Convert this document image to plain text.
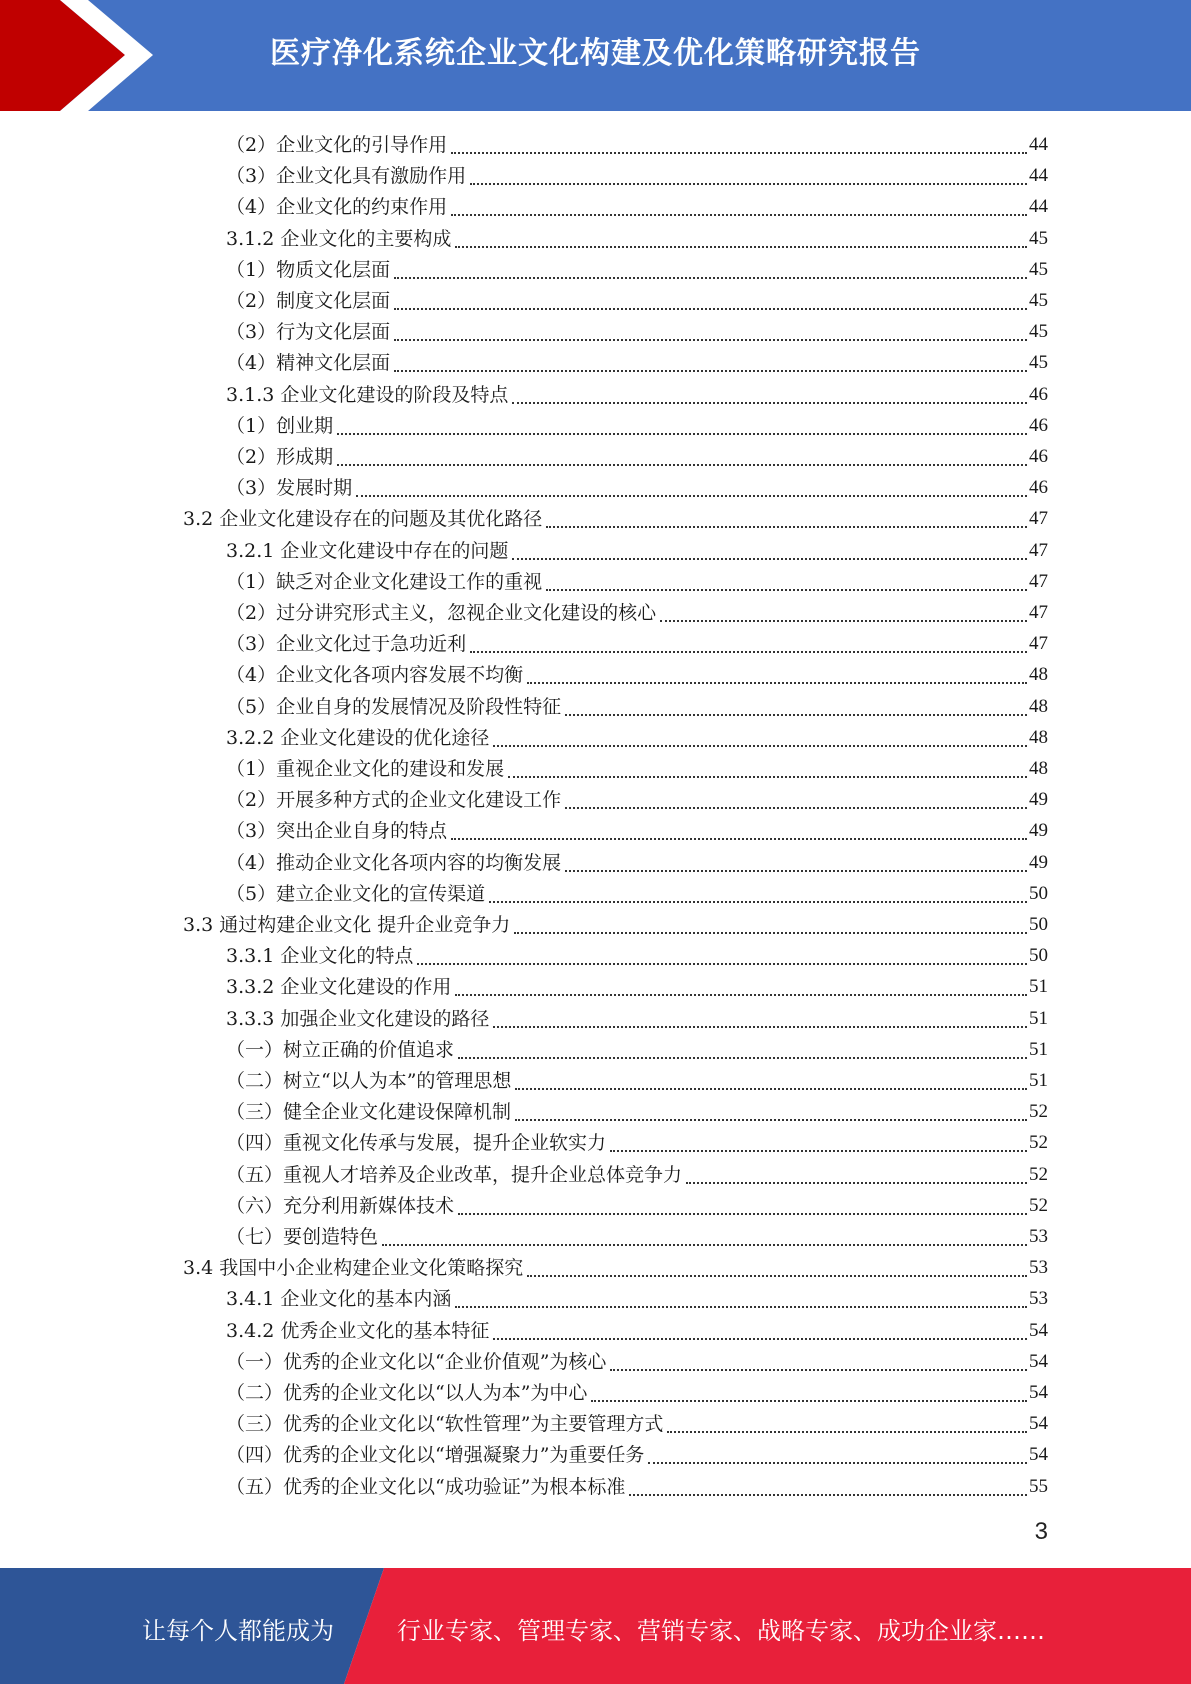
医疗净化系统企业文化构建及优化策略研究报告
（2）企业文化的引导作用	44
（3）企业文化具有激励作用	44
（4）企业文化的约束作用	44
3.1.2 企业文化的主要构成	45
（1）物质文化层面	45
（2）制度文化层面	45
（3）行为文化层面	45
（4）精神文化层面	45
3.1.3 企业文化建设的阶段及特点	46
（1）创业期	46
（2）形成期	46
（3）发展时期	46
3.2 企业文化建设存在的问题及其优化路径	47
3.2.1 企业文化建设中存在的问题	47
（1）缺乏对企业文化建设工作的重视	47
（2）过分讲究形式主义，忽视企业文化建设的核心	47
（3）企业文化过于急功近利	47
（4）企业文化各项内容发展不均衡	48
（5）企业自身的发展情况及阶段性特征	48
3.2.2 企业文化建设的优化途径	48
（1）重视企业文化的建设和发展	48
（2）开展多种方式的企业文化建设工作	49
（3）突出企业自身的特点	49
（4）推动企业文化各项内容的均衡发展	49
（5）建立企业文化的宣传渠道	50
3.3 通过构建企业文化 提升企业竞争力	50
3.3.1 企业文化的特点	50
3.3.2 企业文化建设的作用	51
3.3.3 加强企业文化建设的路径	51
（一）树立正确的价值追求	51
（二）树立“以人为本”的管理思想	51
（三）健全企业文化建设保障机制	52
（四）重视文化传承与发展，提升企业软实力	52
（五）重视人才培养及企业改革，提升企业总体竞争力	52
（六）充分利用新媒体技术	52
（七）要创造特色	53
3.4 我国中小企业构建企业文化策略探究	53
3.4.1 企业文化的基本内涵	53
3.4.2 优秀企业文化的基本特征	54
（一）优秀的企业文化以“企业价值观”为核心	54
（二）优秀的企业文化以“以人为本”为中心	54
（三）优秀的企业文化以“软性管理”为主要管理方式	54
（四）优秀的企业文化以“增强凝聚力”为重要任务	54
（五）优秀的企业文化以“成功验证”为根本标准	55
3
让每个人都能成为	行业专家、管理专家、营销专家、战略专家、成功企业家……
